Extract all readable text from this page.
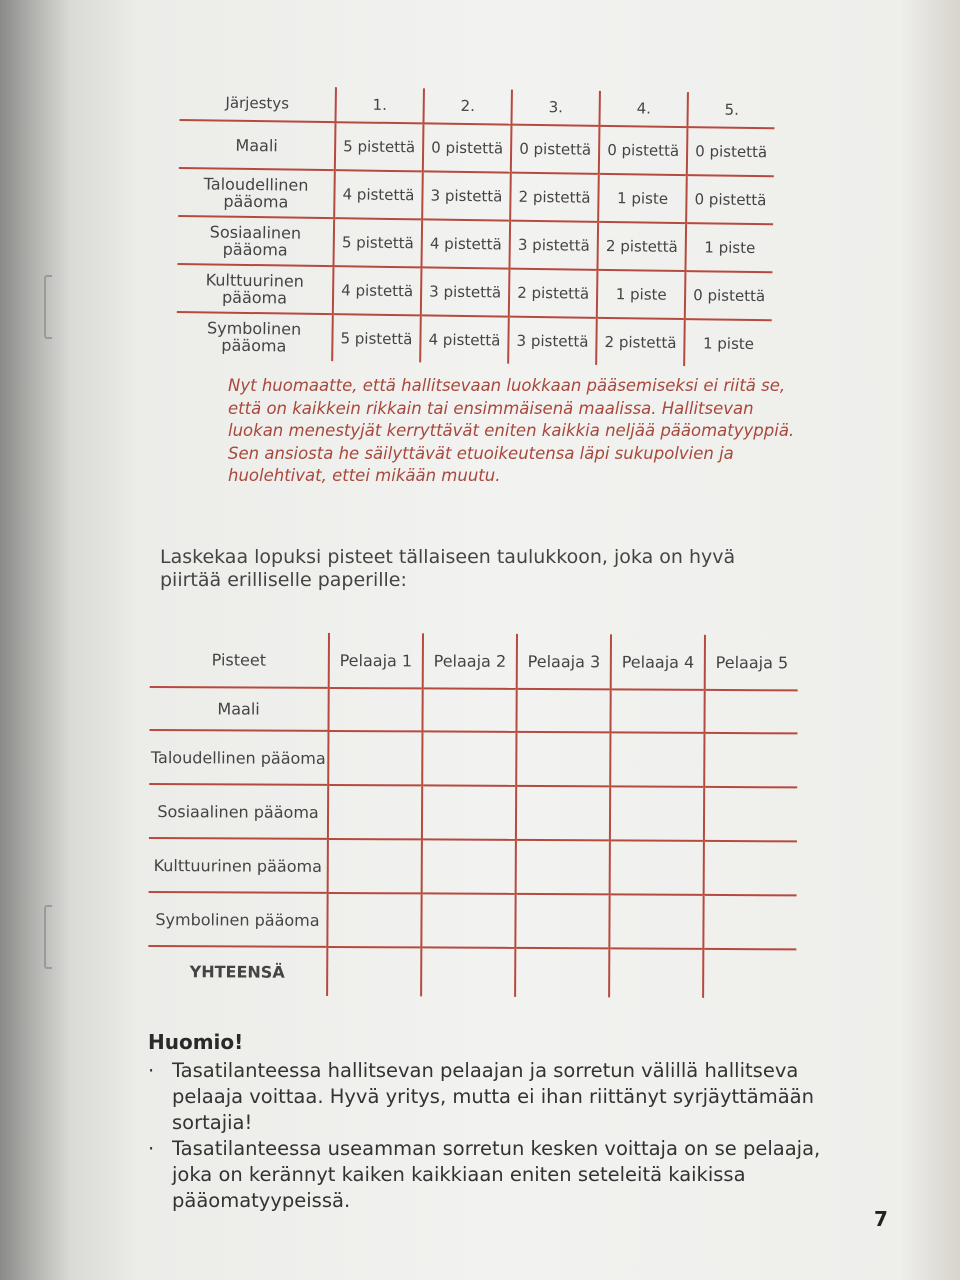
Järjestys	1.	2.	3.	4.	5.
Maali	5 pistettä	0 pistettä	0 pistettä	0 pistettä	0 pistettä
Taloudellinen pääoma	4 pistettä	3 pistettä	2 pistettä	1 piste	0 pistettä
Sosiaalinen pääoma	5 pistettä	4 pistettä	3 pistettä	2 pistettä	1 piste
Kulttuurinen pääoma	4 pistettä	3 pistettä	2 pistettä	1 piste	0 pistettä
Symbolinen pääoma	5 pistettä	4 pistettä	3 pistettä	2 pistettä	1 piste
Nyt huomaatte, että hallitsevaan luokkaan pääsemiseksi ei riitä se, että on kaikkein rikkain tai ensimmäisenä maalissa. Hallitsevan luokan menestyjät kerryttävät eniten kaikkia neljää pääomatyyppiä. Sen ansiosta he säilyttävät etuoikeutensa läpi sukupolvien ja huolehtivat, ettei mikään muutu.
Laskekaa lopuksi pisteet tällaiseen taulukkoon, joka on hyvä piirtää erilliselle paperille:
Pisteet	Pelaaja 1	Pelaaja 2	Pelaaja 3	Pelaaja 4	Pelaaja 5
Maali					
Taloudellinen pääoma					
Sosiaalinen pääoma					
Kulttuurinen pääoma					
Symbolinen pääoma					
YHTEENSÄ					
Huomio!
· Tasatilanteessa hallitsevan pelaajan ja sorretun välillä hallitseva pelaaja voittaa. Hyvä yritys, mutta ei ihan riittänyt syrjäyttämään sortajia!
· Tasatilanteessa useamman sorretun kesken voittaja on se pelaaja, joka on kerännyt kaiken kaikkiaan eniten seteleitä kaikissa pääomatyypeissä.
7
